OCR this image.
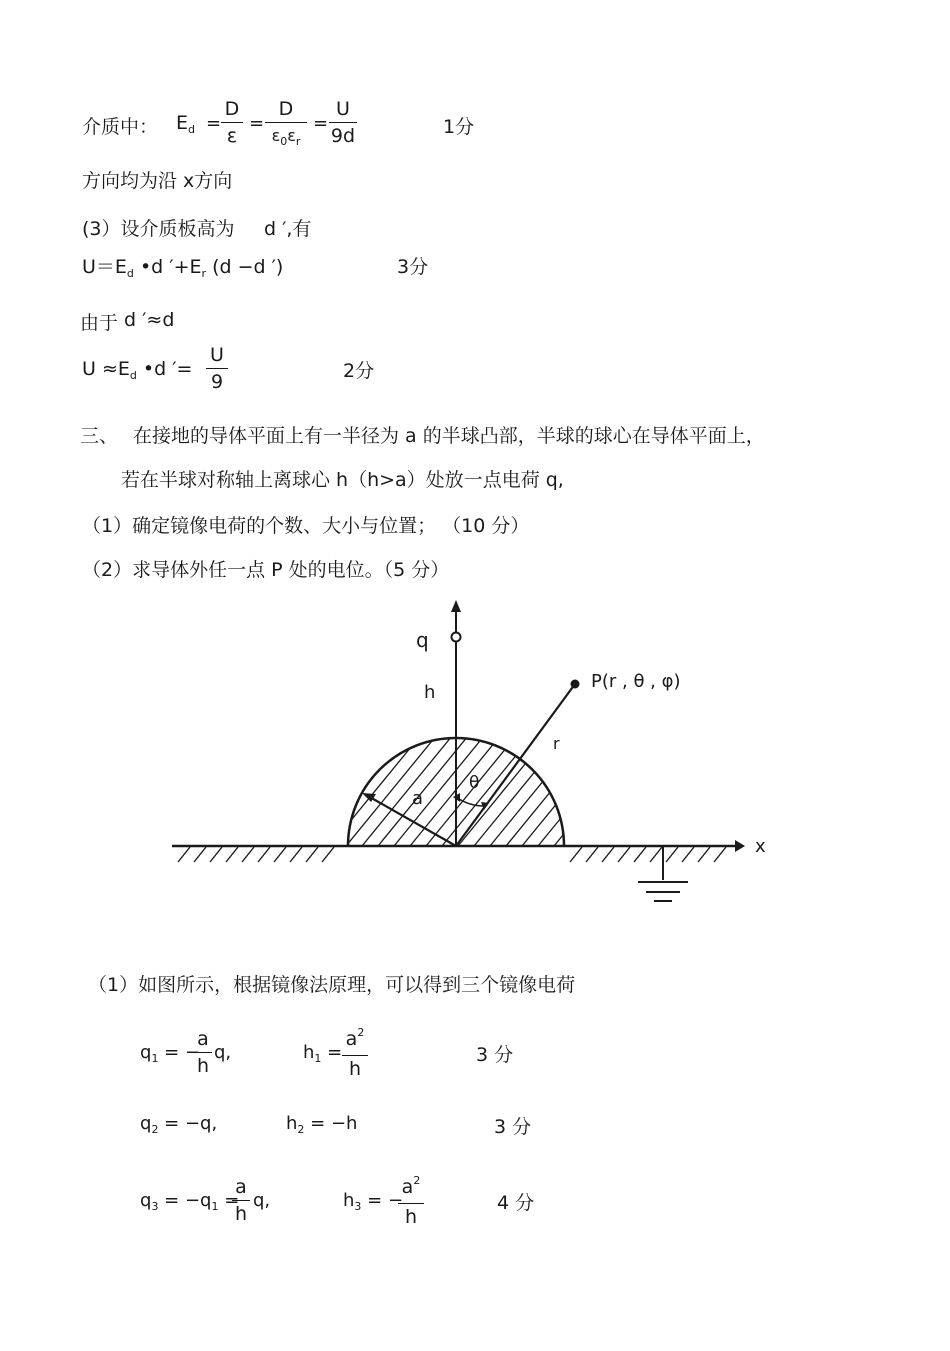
介质中： $E_d$ =
D
ε
=
D
$\varepsilon_0\varepsilon_r$
=
U
9d	1分
方向均为沿 x方向
(3）设介质板高为 d ′,有
$U=E_d$ •d $'+E_r$ (d −d ′)	3分
由于 d ′≈d
$U \approx E_d$ •d ′=
U
9	2分
三、 在接地的导体平面上有一半径为 a 的半球凸部，半球的球心在导体平面上，
若在半球对称轴上离球心 h（h>a）处放一点电荷 q,
（1）确定镜像电荷的个数、大小与位置； （10 分）
（2）求导体外任一点 P 处的电位。（5 分）
q
h
P(r , θ , φ)
r
θ
a
x
（1）如图所示，根据镜像法原理，可以得到三个镜像电荷
$q_1$ = −
a
h
q,	$h_1$ =
$a^2$
h
3 分
$q_2 = -q$,	$h_2 = -h$	3 分
$q_3 = -q_1$ =
a
h
q,	$h_3$ = −
$a^2$
h
4 分
